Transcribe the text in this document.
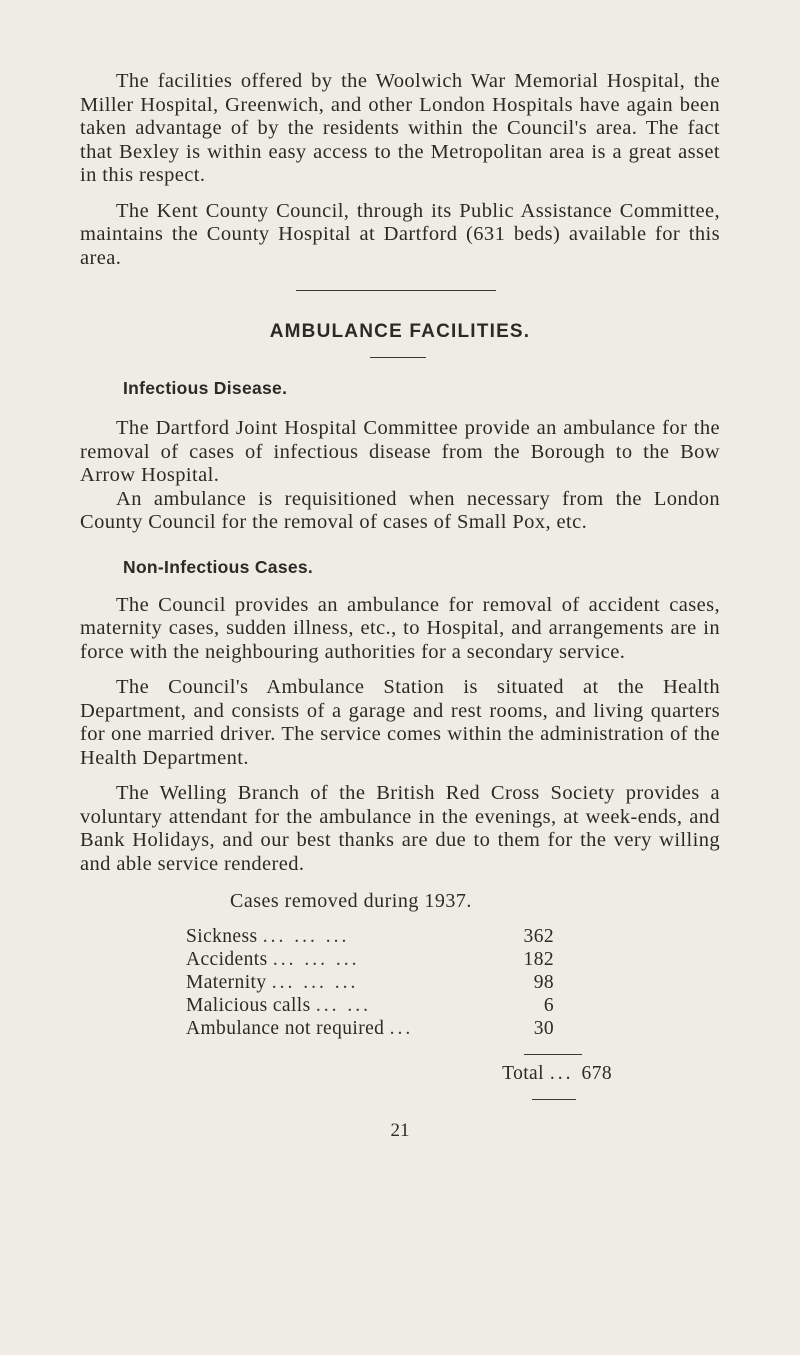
The facilities offered by the Woolwich War Memorial Hospital, the Miller Hospital, Greenwich, and other London Hospitals have again been taken advantage of by the residents within the Council's area. The fact that Bexley is within easy access to the Metropolitan area is a great asset in this respect.

The Kent County Council, through its Public Assistance Committee, maintains the County Hospital at Dartford (631 beds) available for this area.

AMBULANCE FACILITIES.
Infectious Disease.

The Dartford Joint Hospital Committee provide an ambulance for the removal of cases of infectious disease from the Borough to the Bow Arrow Hospital.

An ambulance is requisitioned when necessary from the London County Council for the removal of cases of Small Pox, etc.

Non-Infectious Cases.

The Council provides an ambulance for removal of accident cases, maternity cases, sudden illness, etc., to Hospital, and arrangements are in force with the neighbouring authorities for a secondary service.

The Council's Ambulance Station is situated at the Health Department, and consists of a garage and rest rooms, and living quarters for one married driver. The service comes within the administration of the Health Department.

The Welling Branch of the British Red Cross Society provides a voluntary attendant for the ambulance in the evenings, at week-ends, and Bank Holidays, and our best thanks are due to them for the very willing and able service rendered.

Cases removed during 1937.
Sickness ... ... ...	362
Accidents ... ... ...	182
Maternity ... ... ...	98
Malicious calls ... ...	6
Ambulance not required ...	30
Total ... 678
21
